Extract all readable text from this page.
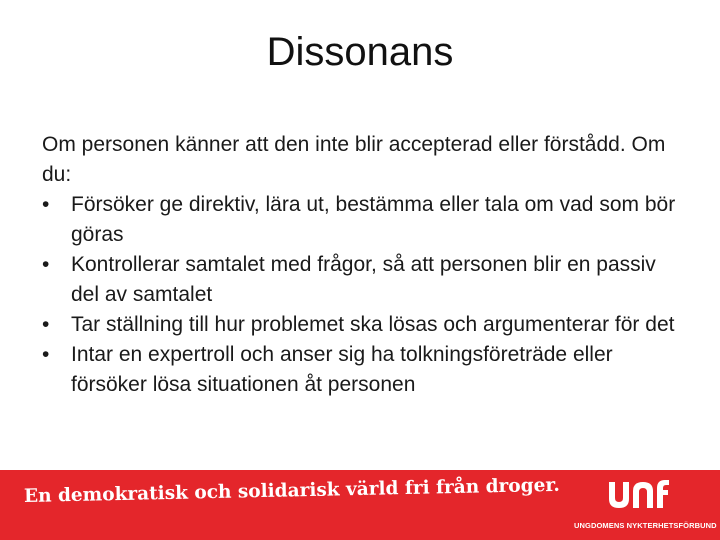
Dissonans

Om personen känner att den inte blir accepterad eller förstådd. Om du:

• Försöker ge direktiv, lära ut, bestämma eller tala om vad som bör göras
• Kontrollerar samtalet med frågor, så att personen blir en passiv del av samtalet
• Tar ställning till hur problemet ska lösas och argumenterar för det
• Intar en expertroll och anser sig ha tolkningsföreträde eller försöker lösa situationen åt personen
En demokratisk och solidarisk värld fri från droger.
UNGDOMENS NYKTERHETSFÖRBUND
